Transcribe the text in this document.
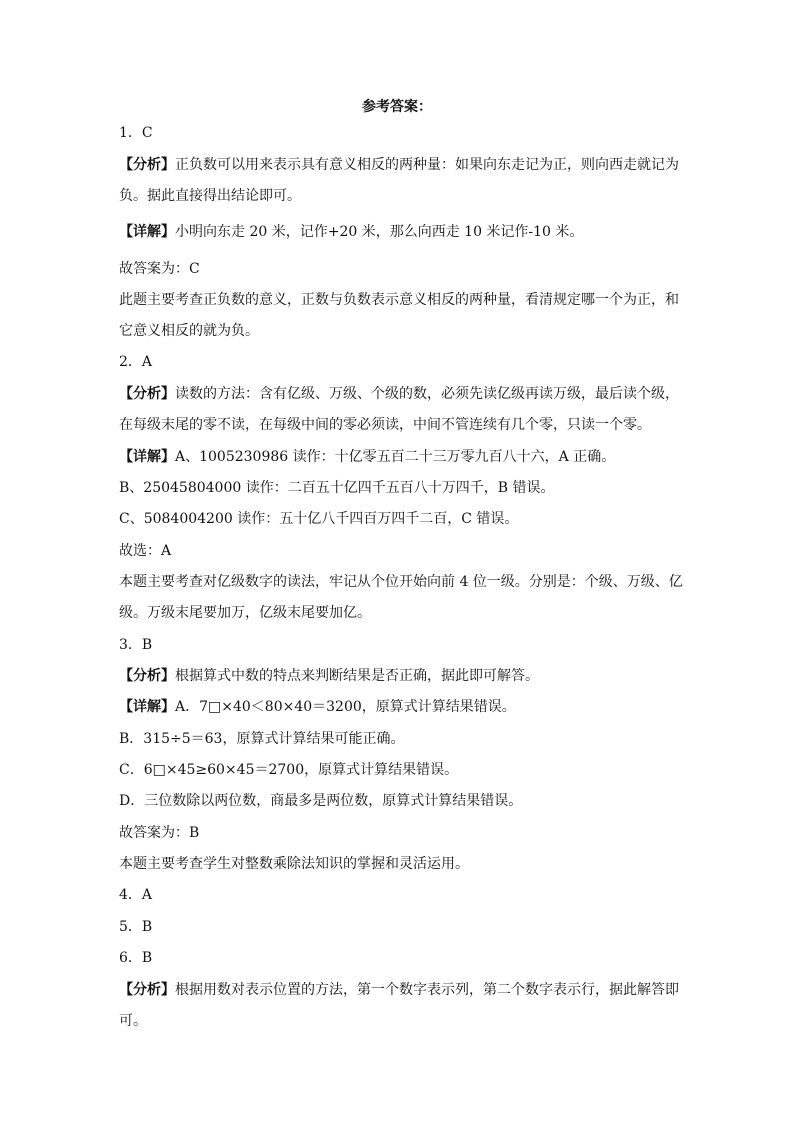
参考答案：
1．C
【分析】正负数可以用来表示具有意义相反的两种量：如果向东走记为正，则向西走就记为
负。据此直接得出结论即可。
【详解】小明向东走 20 米，记作+20 米，那么向西走 10 米记作-10 米。
故答案为：C
此题主要考查正负数的意义，正数与负数表示意义相反的两种量，看清规定哪一个为正，和
它意义相反的就为负。
2．A
【分析】读数的方法：含有亿级、万级、个级的数，必须先读亿级再读万级，最后读个级，
在每级末尾的零不读，在每级中间的零必须读，中间不管连续有几个零，只读一个零。
【详解】A、1005230986 读作：十亿零五百二十三万零九百八十六，A 正确。
B、25045804000 读作：二百五十亿四千五百八十万四千，B 错误。
C、5084004200 读作：五十亿八千四百万四千二百，C 错误。
故选：A
本题主要考查对亿级数字的读法，牢记从个位开始向前 4 位一级。分别是：个级、万级、亿
级。万级末尾要加万，亿级末尾要加亿。
3．B
【分析】根据算式中数的特点来判断结果是否正确，据此即可解答。
【详解】A．7□×40＜80×40＝3200，原算式计算结果错误。
B．315÷5＝63，原算式计算结果可能正确。
C．6□×45≥60×45＝2700，原算式计算结果错误。
D．三位数除以两位数，商最多是两位数，原算式计算结果错误。
故答案为：B
本题主要考查学生对整数乘除法知识的掌握和灵活运用。
4．A
5．B
6．B
【分析】根据用数对表示位置的方法，第一个数字表示列，第二个数字表示行，据此解答即
可。
